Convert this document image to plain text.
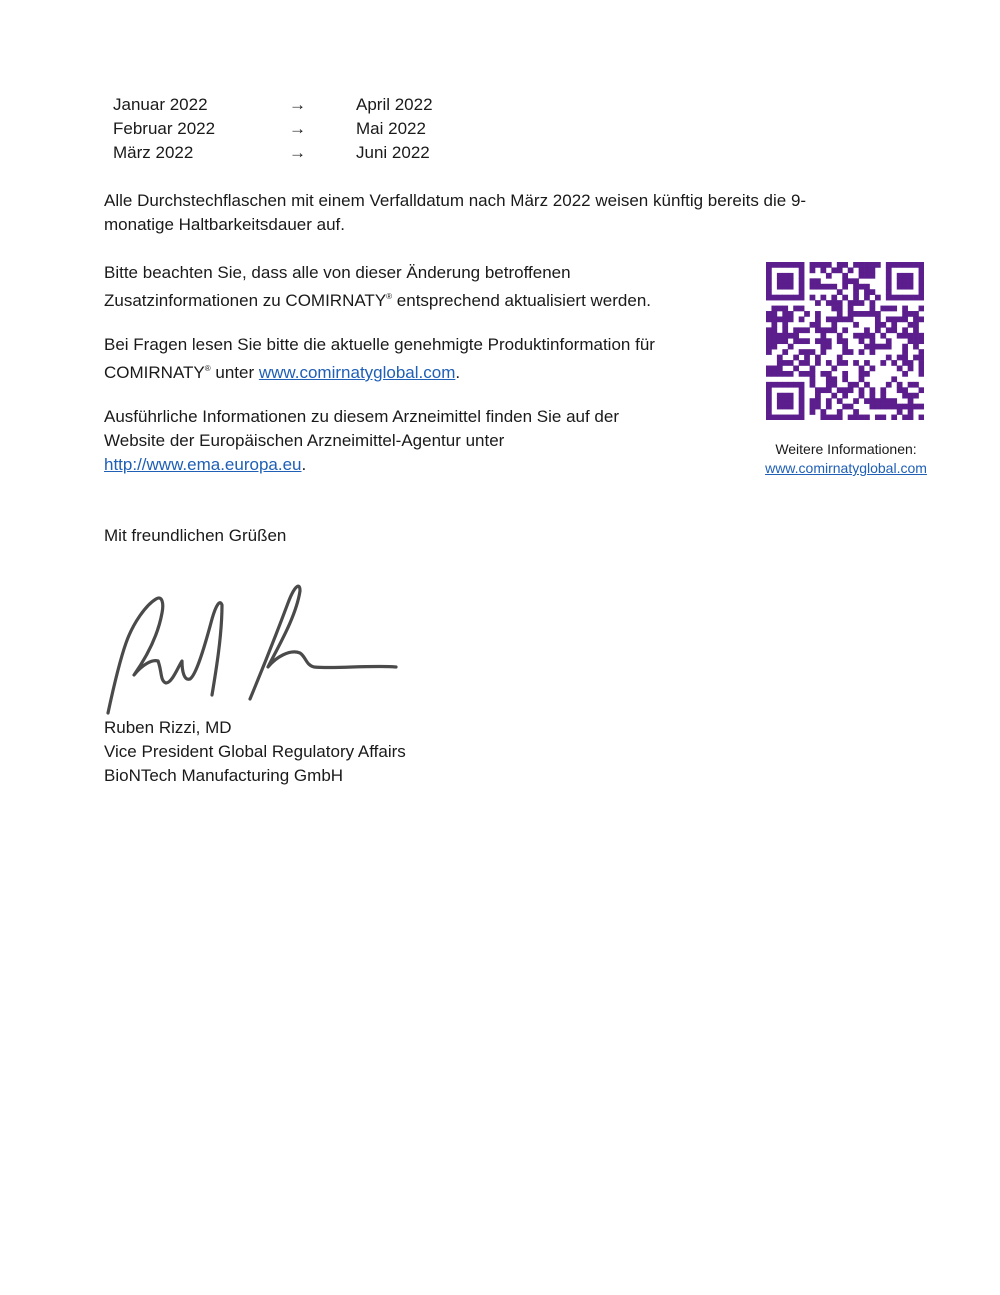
Januar 2022	→	April 2022
Februar 2022	→	Mai 2022
März 2022	→	Juni 2022
Alle Durchstechflaschen mit einem Verfalldatum nach März 2022 weisen künftig bereits die 9-
monatige Haltbarkeitsdauer auf.
Bitte beachten Sie, dass alle von dieser Änderung betroffenen
Zusatzinformationen zu COMIRNATY® entsprechend aktualisiert werden.
Bei Fragen lesen Sie bitte die aktuelle genehmigte Produktinformation für
COMIRNATY® unter www.comirnatyglobal.com.
Ausführliche Informationen zu diesem Arzneimittel finden Sie auf der
Website der Europäischen Arzneimittel-Agentur unter
http://www.ema.europa.eu.
Weitere Informationen:
www.comirnatyglobal.com
Mit freundlichen Grüßen
Ruben Rizzi, MD
Vice President Global Regulatory Affairs
BioNTech Manufacturing GmbH
